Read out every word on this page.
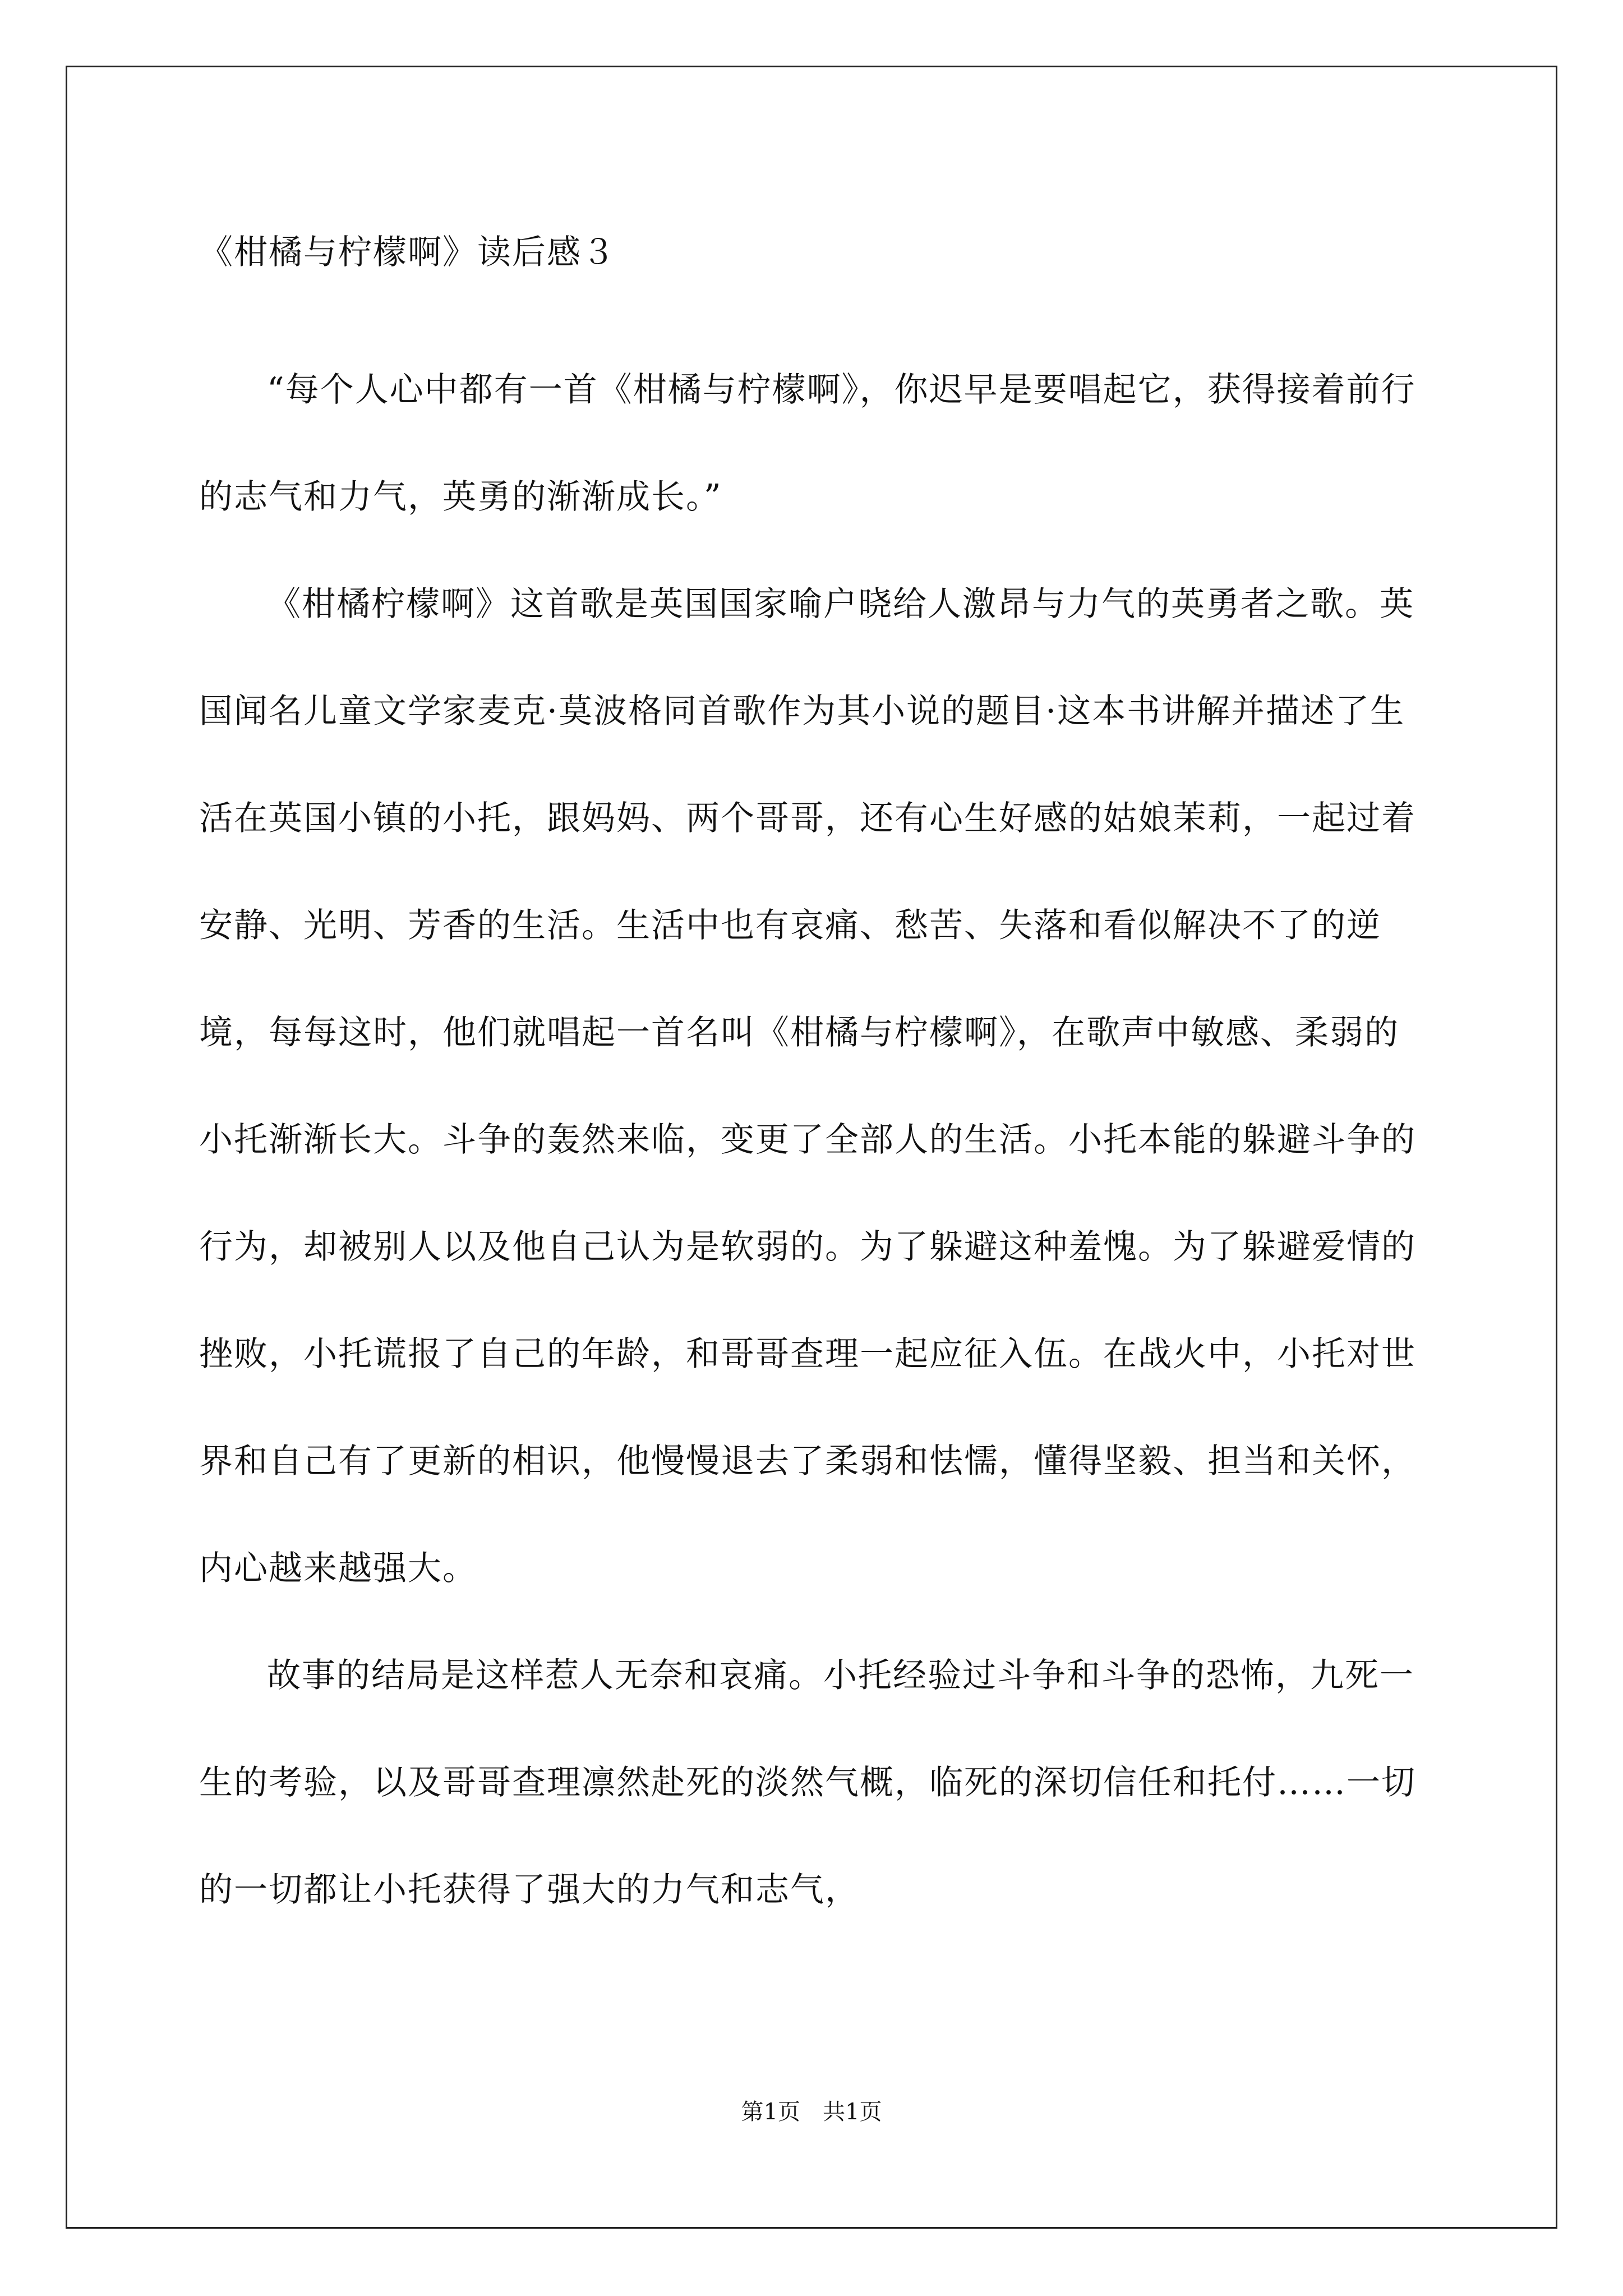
《柑橘与柠檬啊》读后感３

“每个人心中都有一首《柑橘与柠檬啊》，你迟早是要唱起它，获得接着前行的志气和力气，英勇的渐渐成长。”

《柑橘柠檬啊》这首歌是英国国家喻户晓给人激昂与力气的英勇者之歌。英国闻名儿童文学家麦克·莫波格同首歌作为其小说的题目·这本书讲解并描述了生活在英国小镇的小托，跟妈妈、两个哥哥，还有心生好感的姑娘茉莉，一起过着安静、光明、芳香的生活。生活中也有哀痛、愁苦、失落和看似解决不了的逆境，每每这时，他们就唱起一首名叫《柑橘与柠檬啊》，在歌声中敏感、柔弱的小托渐渐长大。斗争的轰然来临，变更了全部人的生活。小托本能的躲避斗争的行为，却被别人以及他自己认为是软弱的。为了躲避这种羞愧。为了躲避爱情的挫败，小托谎报了自己的年龄，和哥哥查理一起应征入伍。在战火中，小托对世界和自己有了更新的相识，他慢慢退去了柔弱和怯懦，懂得坚毅、担当和关怀，内心越来越强大。

故事的结局是这样惹人无奈和哀痛。小托经验过斗争和斗争的恐怖，九死一生的考验，以及哥哥查理凛然赴死的淡然气概，临死的深切信任和托付……一切的一切都让小托获得了强大的力气和志气，

第1页　共1页
